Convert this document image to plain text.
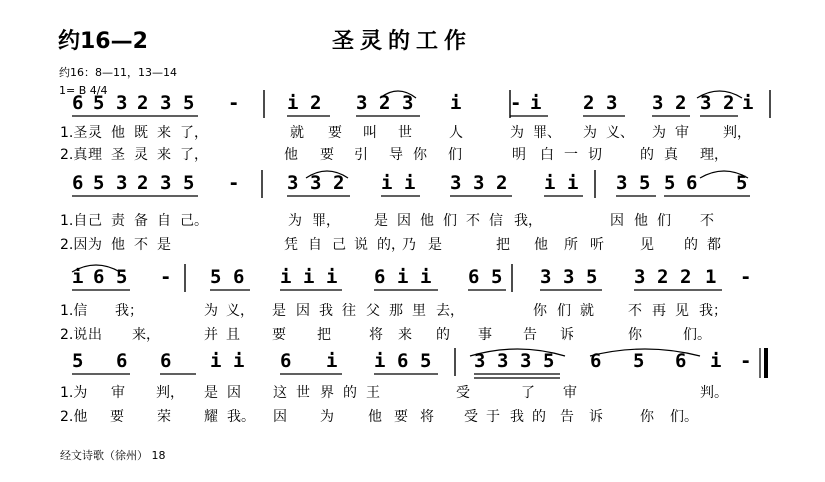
约16—2	圣灵的工作
约16：8—11，13—14
1= B 4/4
6 5 3 2 3 5 -	i 2 3 2 3 i	- i 2 3 3 2 3 2 i
1.圣 灵 他 既 来 了，	就 要 叫 世	人	为 罪、 为 义、 为 审 判，
2.真 理 圣 灵 来 了，	他 要 引 导 你 们	明 白 一 切	的 真 理，
6 5 3 2 3 5 -	3 3 2 i i 3 3 2 i i 3 5 5 6 5
1.自 己 责 备 自 己。	为 罪， 是 因 他 们 不 信 我，	因 他 们 不
2.因 为 他 不 是	凭 自 己 说 的，
乃 是	把 他 所 听	见 的 都
i 6 5 - 5 6 i i i 6 i i 6 5 3 3 5 3 2 2 1 -
1.信 我；	为 义， 是 因 我 往 父 那 里 去，	你 们 就 不 再 见 我；
2.说 出 来，	并 且 要 把	将 来 的 事 告 诉	你	们。
5 6 6 i i 6 i i 6 5 3 3 3 5 6 5 6 i -
1.为 审 判， 是 因 这 世 界 的 王	受	了 审	判。
2.他 要 荣 耀 我。 因 为 他 要 将 受 于 我 的 告 诉	你 们。
经文诗歌（徐州） 18
